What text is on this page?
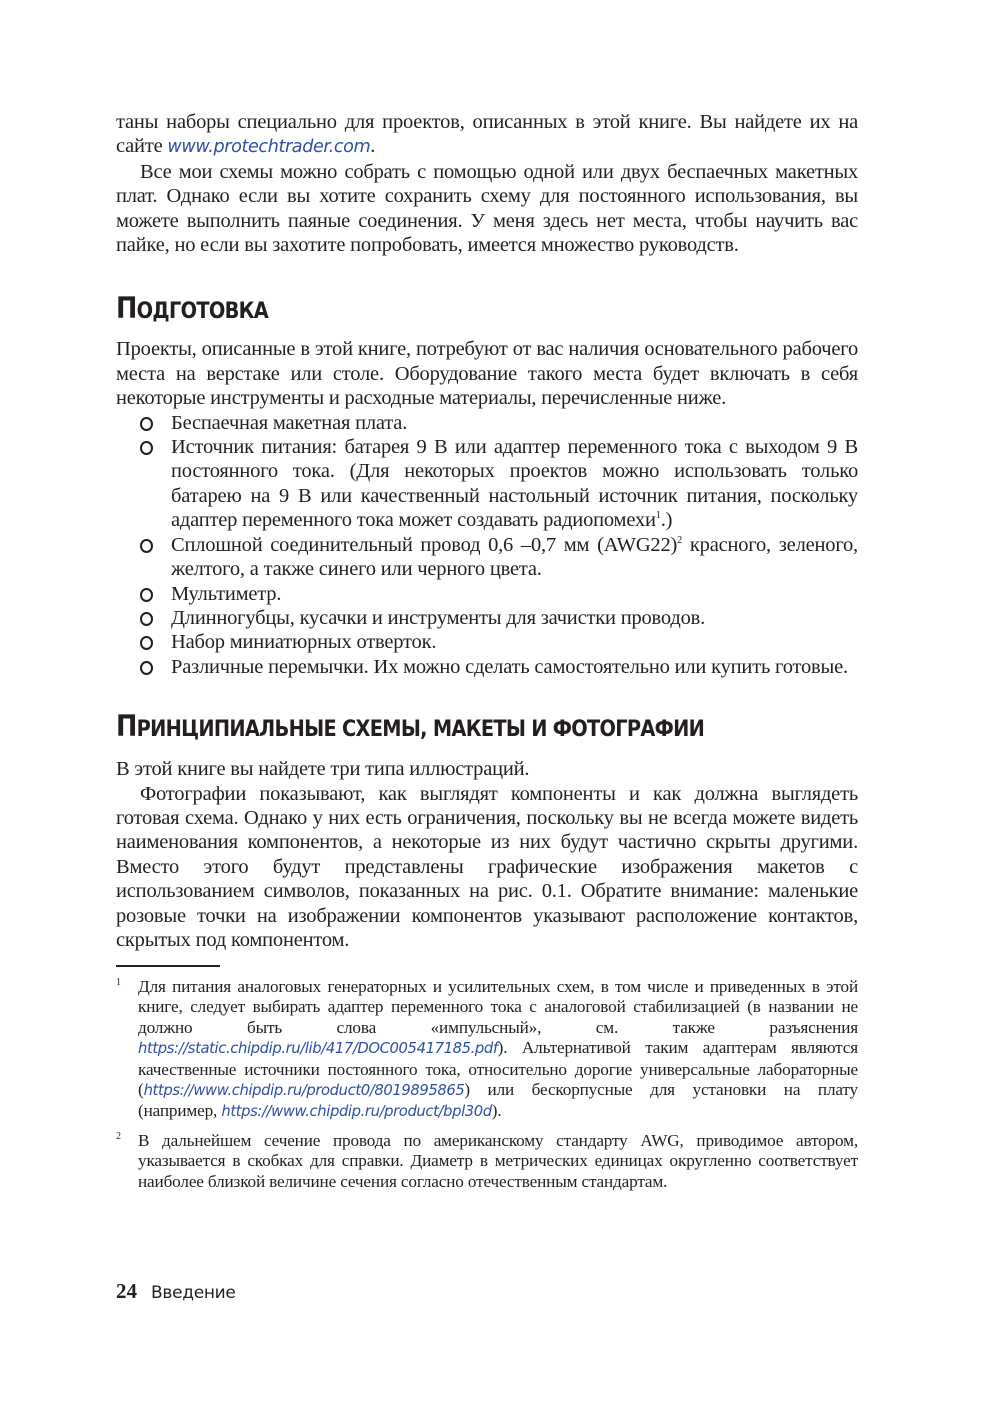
таны наборы специально для проектов, описанных в этой книге. Вы найдете их на сайте www.protechtrader.com.

Все мои схемы можно собрать с помощью одной или двух беспаечных макетных плат. Однако если вы хотите сохранить схему для постоянного использования, вы можете выполнить паяные соединения. У меня здесь нет места, чтобы научить вас пайке, но если вы захотите попробовать, имеется множество руководств.

ПОДГОТОВКА

Проекты, описанные в этой книге, потребуют от вас наличия основательного рабочего места на верстаке или столе. Оборудование такого места будет включать в себя некоторые инструменты и расходные материалы, перечисленные ниже.

Беспаечная макетная плата.
Источник питания: батарея 9 В или адаптер переменного тока с выходом 9 В постоянного тока. (Для некоторых проектов можно использовать только батарею на 9 В или качественный настольный источник питания, поскольку адаптер переменного тока может создавать радиопомехи$^1$.)
Сплошной соединительный провод 0,6 –0,7 мм $(AWG22)^2$ красного, зеленого, желтого, а также синего или черного цвета.
Мультиметр.
Длинногубцы, кусачки и инструменты для зачистки проводов.
Набор миниатюрных отверток.
Различные перемычки. Их можно сделать самостоятельно или купить готовые.
ПРИНЦИПИАЛЬНЫЕ СХЕМЫ, МАКЕТЫ И ФОТОГРАФИИ

В этой книге вы найдете три типа иллюстраций.

Фотографии показывают, как выглядят компоненты и как должна выглядеть готовая схема. Однако у них есть ограничения, поскольку вы не всегда можете видеть наименования компонентов, а некоторые из них будут частично скрыты другими. Вместо этого будут представлены графические изображения макетов с использованием символов, показанных на рис. 0.1. Обратите внимание: маленькие розовые точки на изображении компонентов указывают расположение контактов, скрытых под компонентом.

1 Для питания аналоговых генераторных и усилительных схем, в том числе и приведенных в этой книге, следует выбирать адаптер переменного тока с аналоговой стабилизацией (в названии не должно быть слова «импульсный», см. также разъяснения https://static.chipdip.ru/lib/417/DOC005417185.pdf). Альтернативой таким адаптерам являются качественные источники постоянного тока, относительно дорогие универсальные лабораторные (https://www.chipdip.ru/product0/8019895865) или бескорпусные для установки на плату (например, https://www.chipdip.ru/product/bpl30d).

2 В дальнейшем сечение провода по американскому стандарту AWG, приводимое автором, указывается в скобках для справки. Диаметр в метрических единицах округленно соответствует наиболее близкой величине сечения согласно отечественным стандартам.

24 Введение
